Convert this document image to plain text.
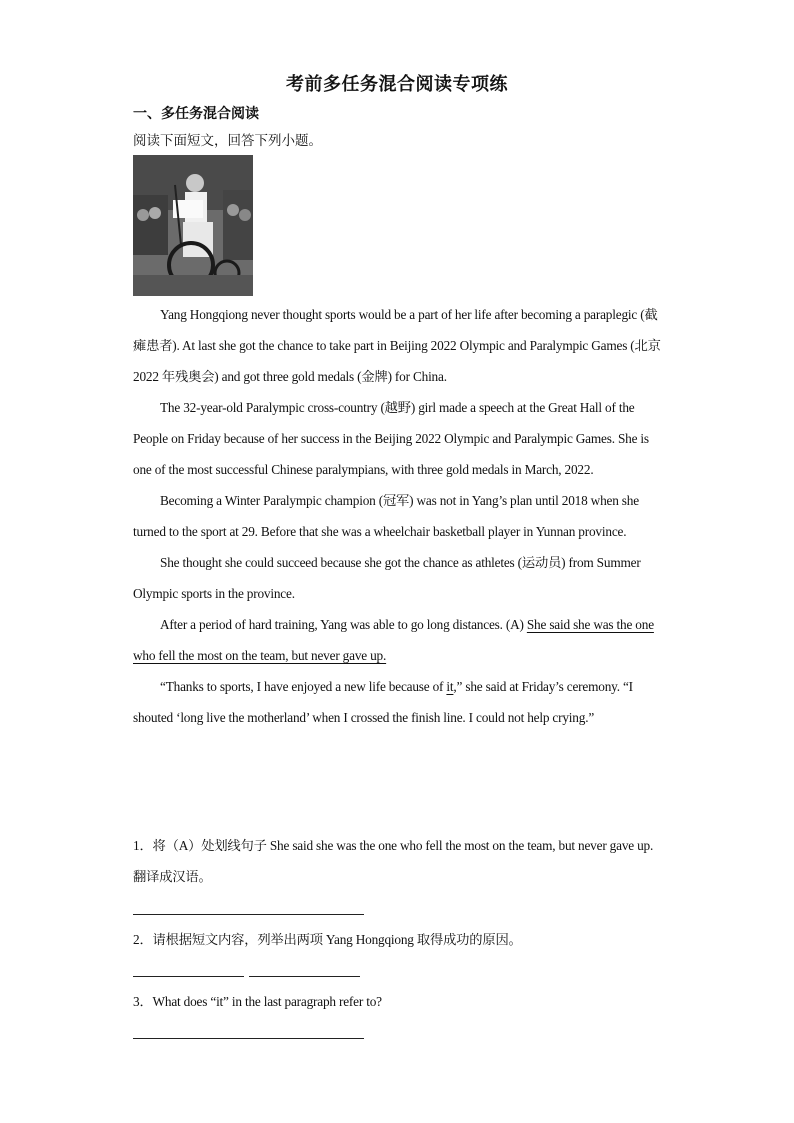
考前多任务混合阅读专项练
一、多任务混合阅读
阅读下面短文，回答下列小题。

Yang Hongqiong never thought sports would be a part of her life after becoming a paraplegic (截瘫患者). At last she got the chance to take part in Beijing 2022 Olympic and Paralympic Games (北京 2022 年残奥会) and got three gold medals (金牌) for China.

The 32-year-old Paralympic cross-country (越野) girl made a speech at the Great Hall of the People on Friday because of her success in the Beijing 2022 Olympic and Paralympic Games. She is one of the most successful Chinese paralympians, with three gold medals in March, 2022.

Becoming a Winter Paralympic champion (冠军) was not in Yang’s plan until 2018 when she turned to the sport at 29. Before that she was a wheelchair basketball player in Yunnan province.

She thought she could succeed because she got the chance as athletes (运动员) from Summer Olympic sports in the province.

After a period of hard training, Yang was able to go long distances. (A) She said she was the one who fell the most on the team, but never gave up.

“Thanks to sports, I have enjoyed a new life because of it,” she said at Friday’s ceremony. “I shouted ‘long live the motherland’ when I crossed the finish line. I could not help crying.”

1．将（A）处划线句子 She said she was the one who fell the most on the team, but never gave up. 翻译成汉语。
2．请根据短文内容，列举出两项 Yang Hongqiong 取得成功的原因。
3．What does “it” in the last paragraph refer to?
